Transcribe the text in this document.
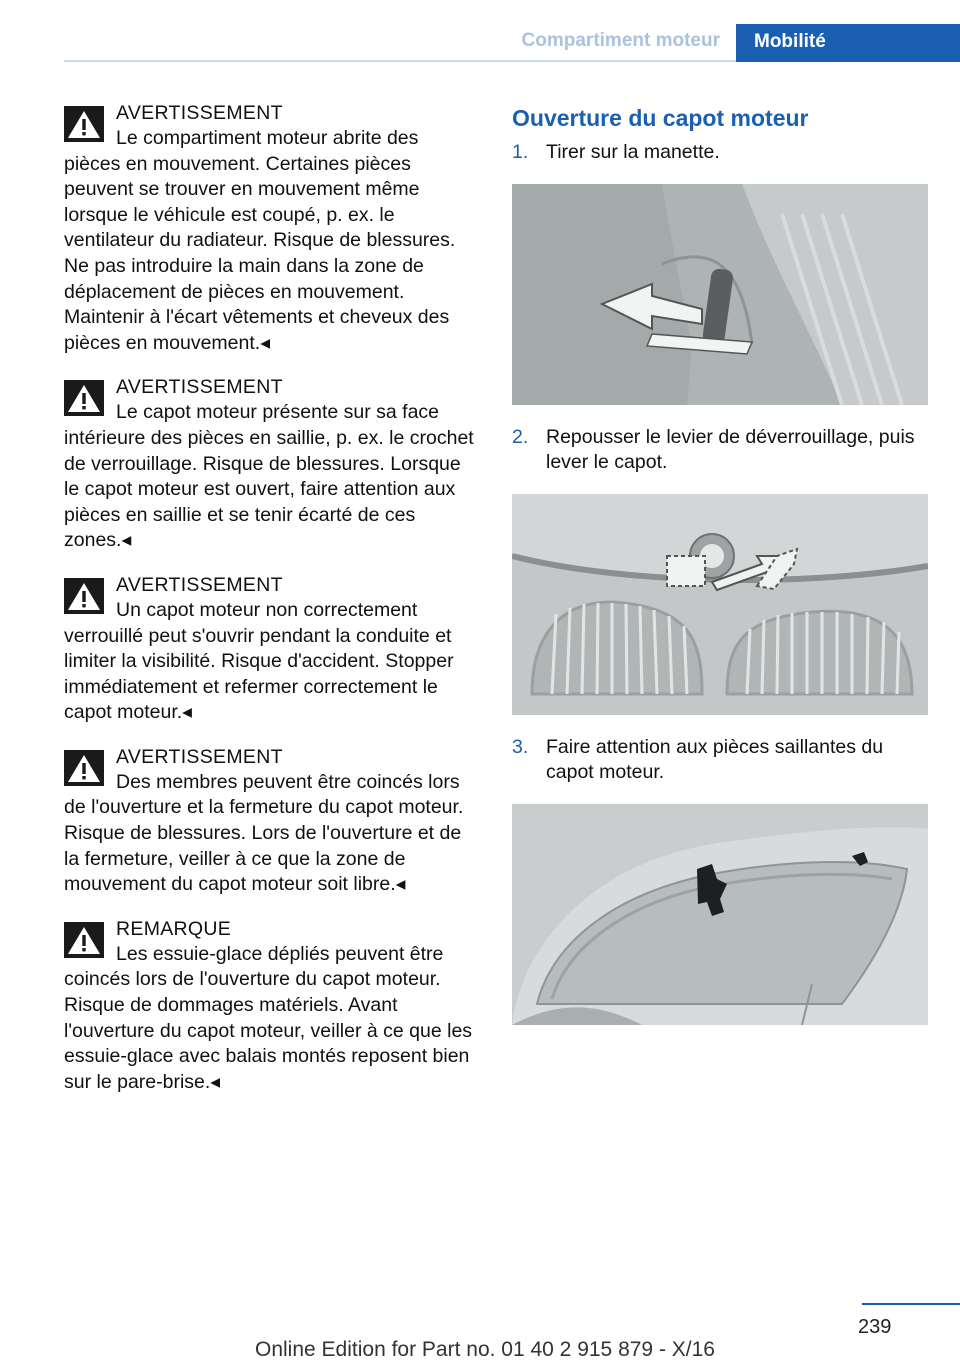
Compartiment moteur	Mobilité
AVERTISSEMENT

Le compartiment moteur abrite des pièces en mouvement. Certaines pièces peuvent se trouver en mouvement même lorsque le véhicule est coupé, p. ex. le ventilateur du radiateur. Risque de blessures. Ne pas introduire la main dans la zone de déplacement de pièces en mouvement. Maintenir à l'écart vêtements et cheveux des pièces en mouvement.◂

AVERTISSEMENT

Le capot moteur présente sur sa face intérieure des pièces en saillie, p. ex. le crochet de verrouillage. Risque de blessures. Lorsque le capot moteur est ouvert, faire attention aux pièces en saillie et se tenir écarté de ces zones.◂

AVERTISSEMENT

Un capot moteur non correctement verrouillé peut s'ouvrir pendant la conduite et limiter la visibilité. Risque d'accident. Stopper immédiatement et refermer correctement le capot moteur.◂

AVERTISSEMENT

Des membres peuvent être coincés lors de l'ouverture et la fermeture du capot moteur. Risque de blessures. Lors de l'ouverture et de la fermeture, veiller à ce que la zone de mouvement du capot moteur soit libre.◂

REMARQUE

Les essuie-glace dépliés peuvent être coincés lors de l'ouverture du capot moteur. Risque de dommages matériels. Avant l'ouverture du capot moteur, veiller à ce que les essuie-glace avec balais montés reposent bien sur le pare-brise.◂

Ouverture du capot moteur
1. Tirer sur la manette.
2. Repousser le levier de déverrouillage, puis lever le capot.
3. Faire attention aux pièces saillantes du capot moteur.
239
Online Edition for Part no. 01 40 2 915 879 - X/16
